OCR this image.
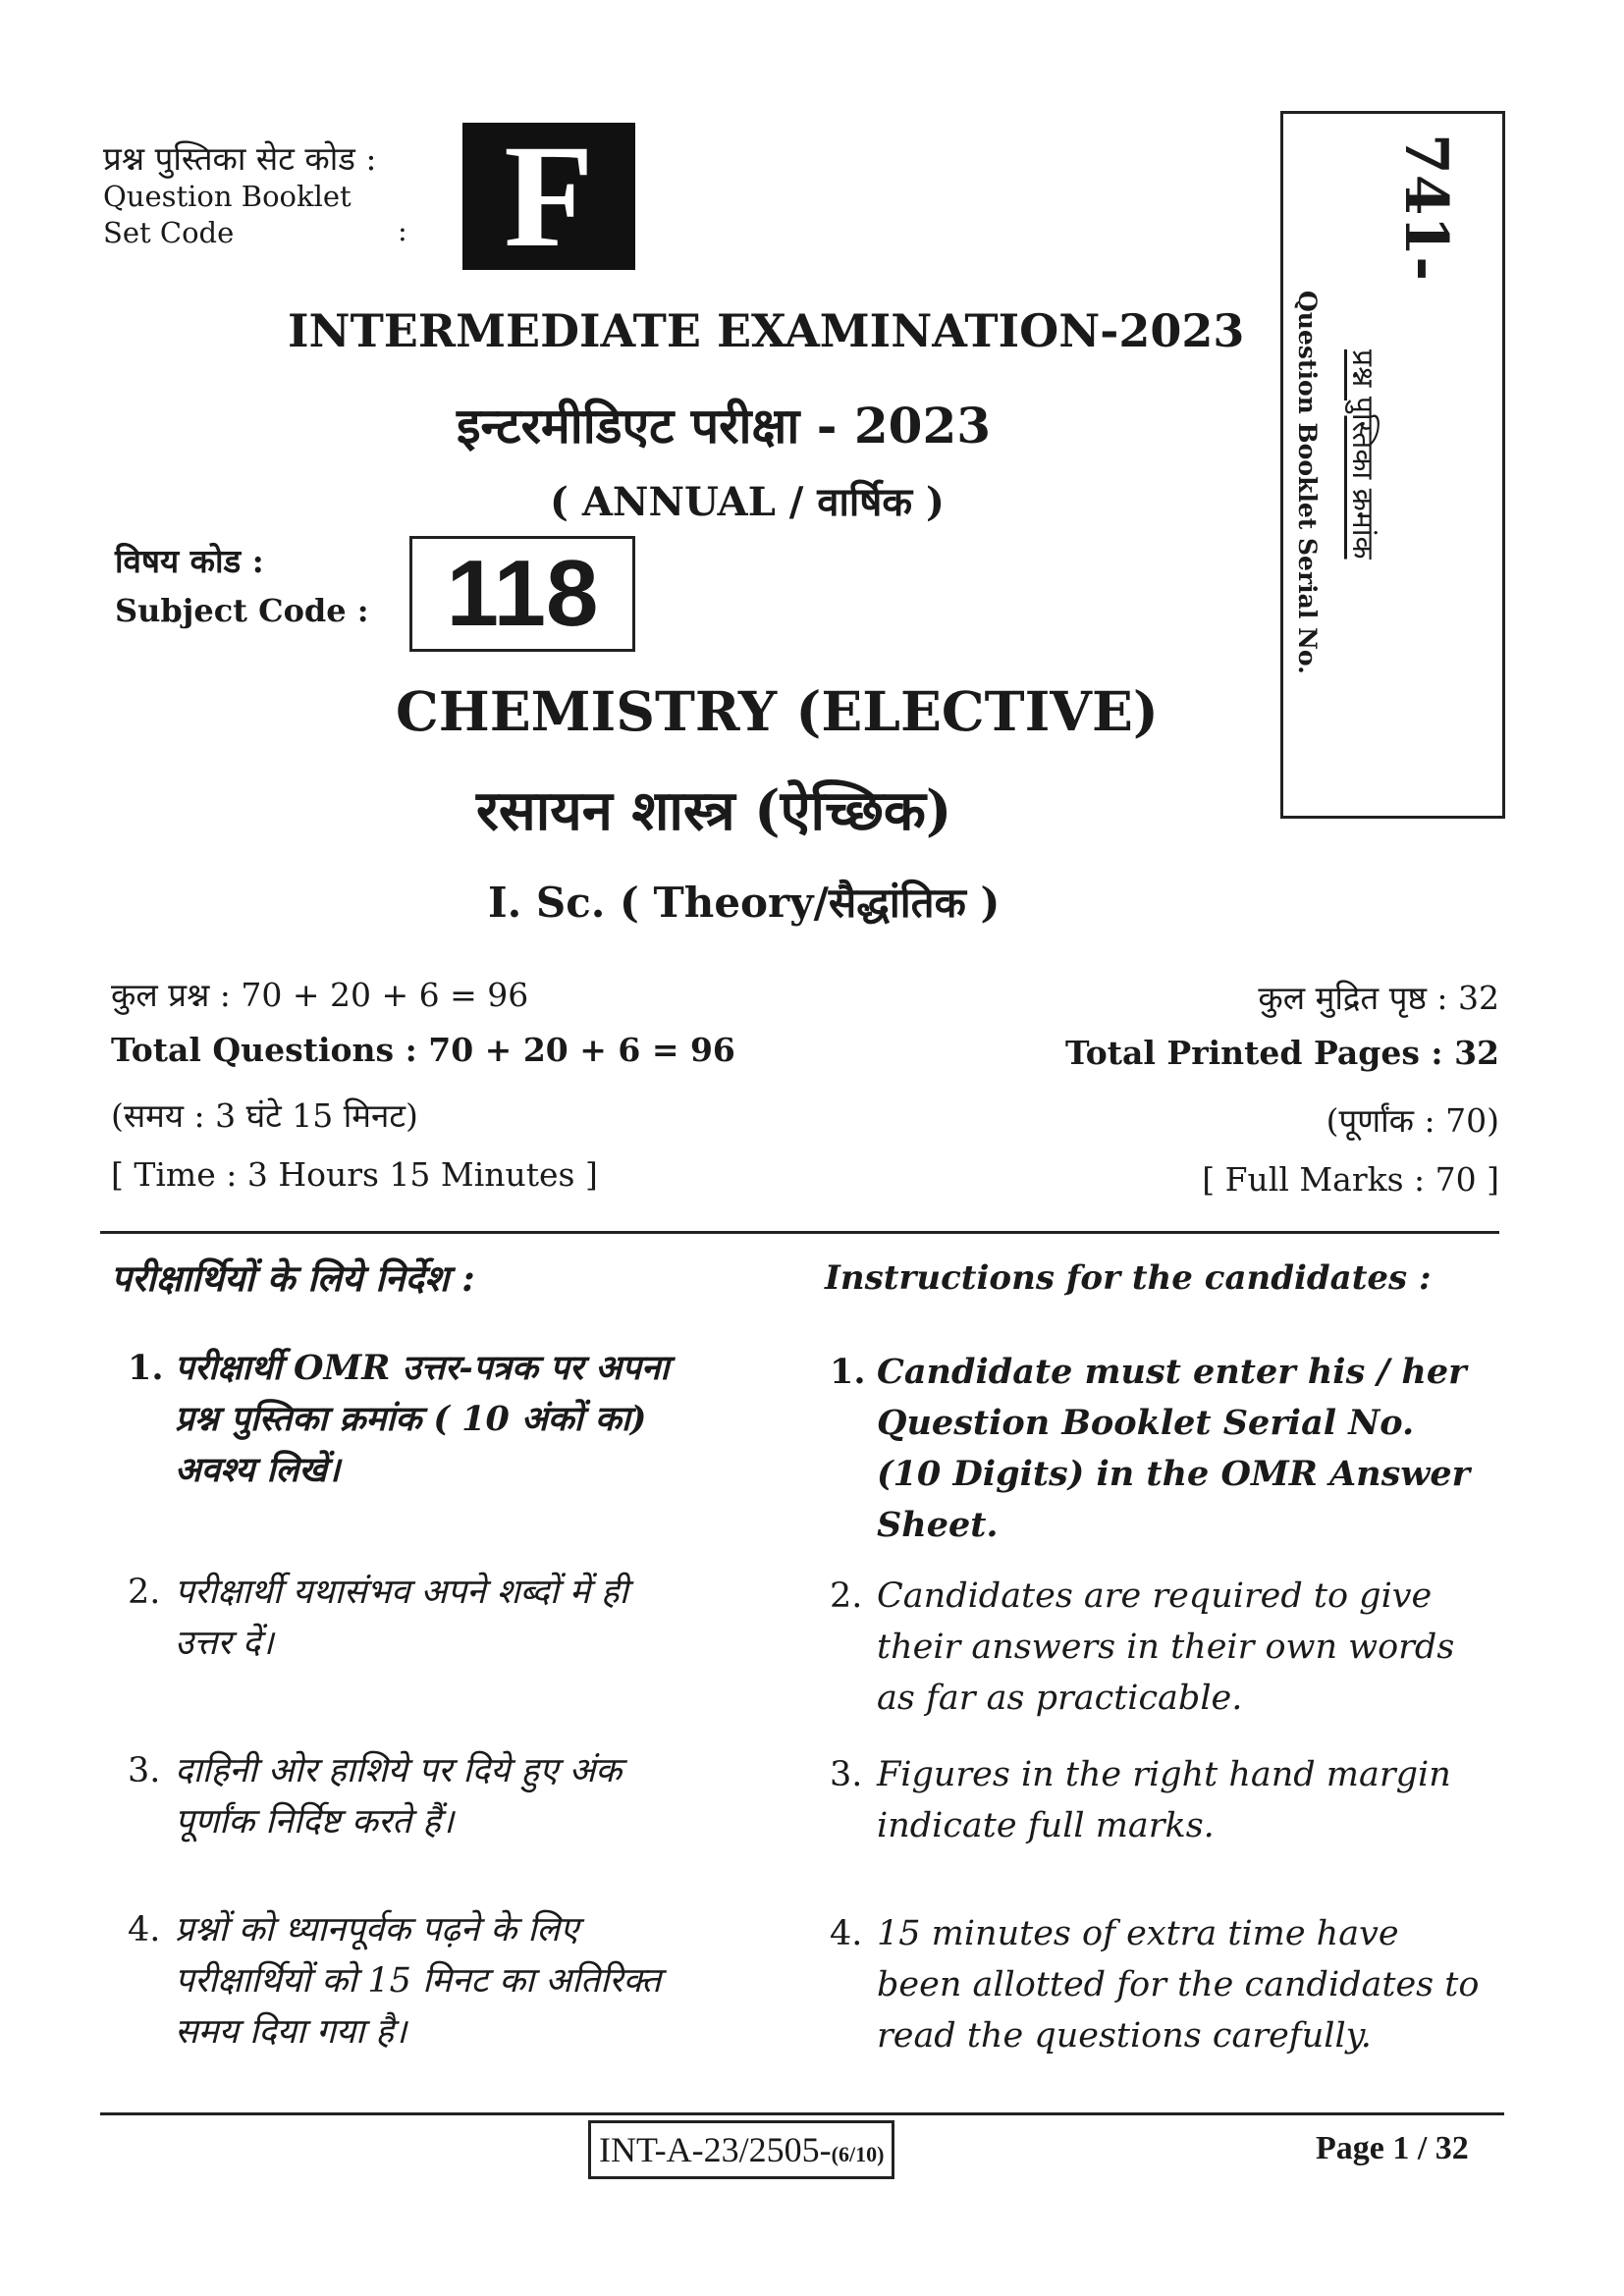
प्रश्न पुस्तिका सेट कोड :
Question Booklet
Set Code	: F	741-
प्रश्न पुस्तिका क्रमांक
Question Booklet Serial No.
INTERMEDIATE EXAMINATION-2023
इन्टरमीडिएट परीक्षा - 2023
( ANNUAL / वार्षिक )
विषय कोड :
Subject Code : 118
CHEMISTRY (ELECTIVE)
रसायन शास्त्र (ऐच्छिक)
I. Sc. ( Theory/सैद्धांतिक )
कुल प्रश्न : 70 + 20 + 6 = 96
Total Questions : 70 + 20 + 6 = 96
(समय : 3 घंटे 15 मिनट)
[ Time : 3 Hours 15 Minutes ]
कुल मुद्रित पृष्ठ : 32
Total Printed Pages : 32
(पूर्णांक : 70)
[ Full Marks : 70 ]
परीक्षार्थियों के लिये निर्देश :	Instructions for the candidates :
1. परीक्षार्थी OMR उत्तर-पत्रक पर अपना
प्रश्न पुस्तिका क्रमांक ( 10 अंकों का)
अवश्य लिखें।
2. परीक्षार्थी यथासंभव अपने शब्दों में ही
उत्तर दें।
3. दाहिनी ओर हाशिये पर दिये हुए अंक
पूर्णांक निर्दिष्ट करते हैं।
4. प्रश्नों को ध्यानपूर्वक पढ़ने के लिए
परीक्षार्थियों को 15 मिनट का अतिरिक्त
समय दिया गया है।
1. Candidate must enter his / her
Question Booklet Serial No.
(10 Digits) in the OMR Answer
Sheet.
2. Candidates are required to give
their answers in their own words
as far as practicable.
3. Figures in the right hand margin
indicate full marks.
4. 15 minutes of extra time have
been allotted for the candidates to
read the questions carefully.
INT-A-23/2505-(6/10)	Page 1 / 32
